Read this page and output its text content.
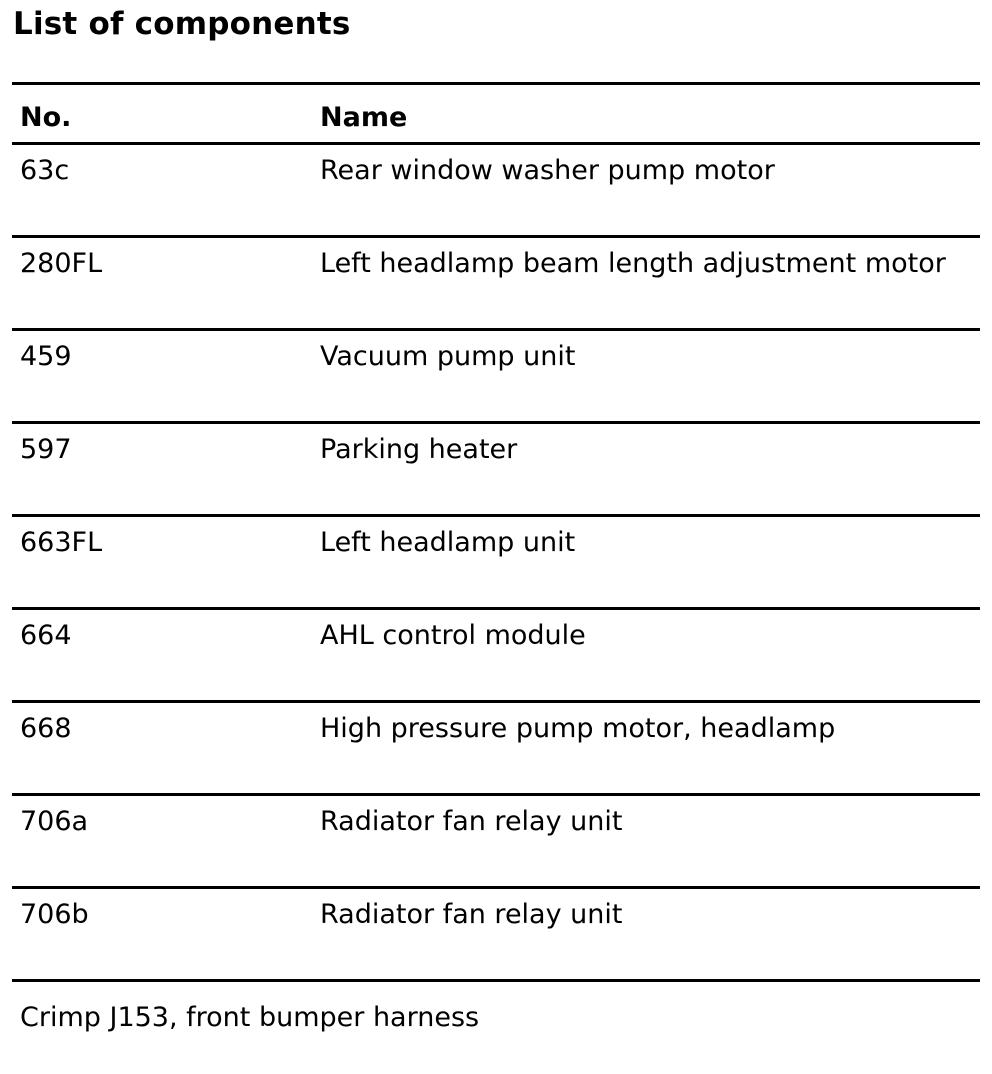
List of components
No.	Name
63c	Rear window washer pump motor
280FL	Left headlamp beam length adjustment motor
459	Vacuum pump unit
597	Parking heater
663FL	Left headlamp unit
664	AHL control module
668	High pressure pump motor, headlamp
706a	Radiator fan relay unit
706b	Radiator fan relay unit
Crimp J153, front bumper harness
